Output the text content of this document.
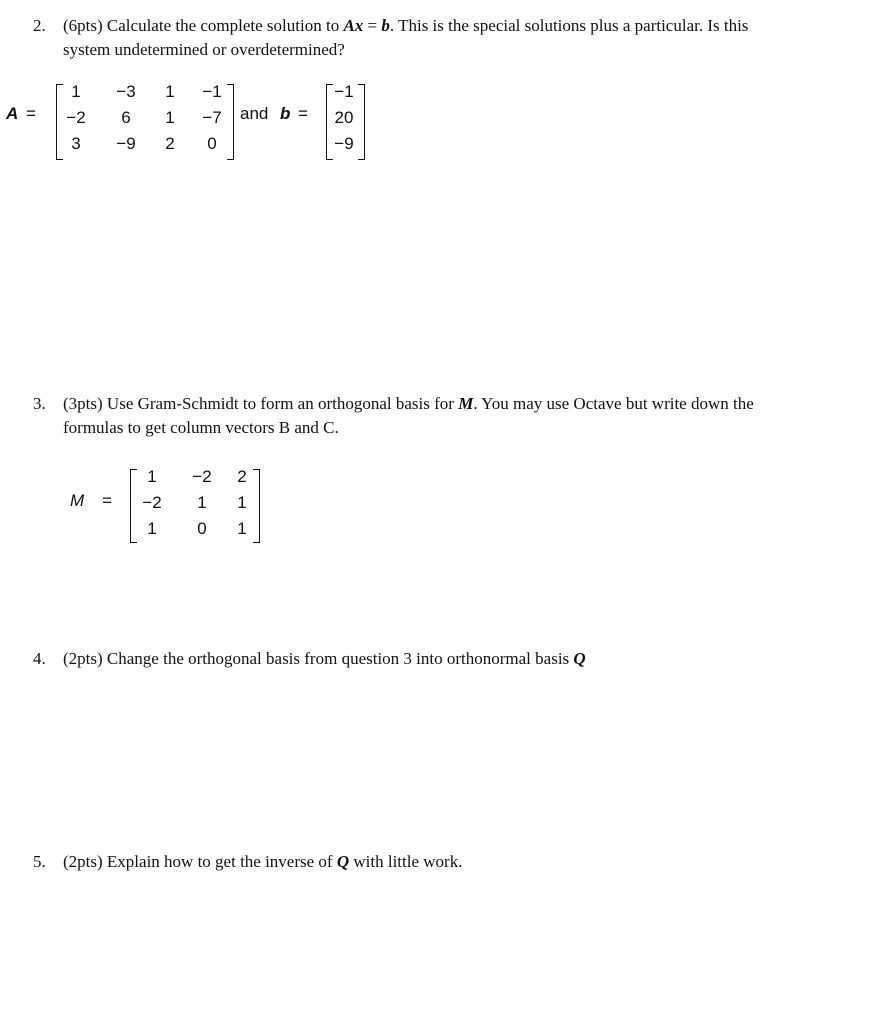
2. (6pts) Calculate the complete solution to Ax = b. This is the special solutions plus a particular. Is this
system undetermined or overdetermined?
A =
1	−3	1	−1
−2	6	1	−7
3	−9	2	0
and b =
−1
20
−9
3. (3pts) Use Gram-Schmidt to form an orthogonal basis for M. You may use Octave but write down the
formulas to get column vectors B and C.
M =
1	−2	2
−2	1	1
1	0	1
4. (2pts) Change the orthogonal basis from question 3 into orthonormal basis Q
5. (2pts) Explain how to get the inverse of Q with little work.
